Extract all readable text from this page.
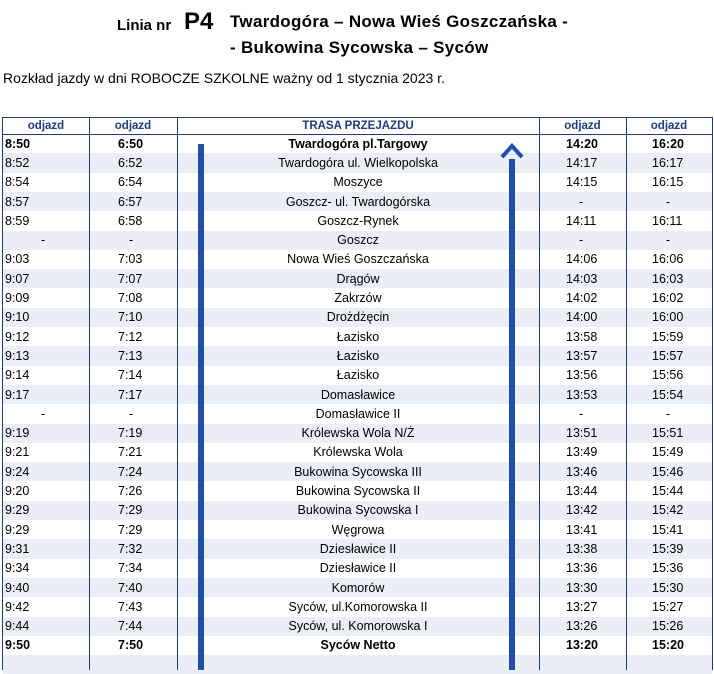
Linia nr P4 Twardogóra – Nowa Wieś Goszczańska -
- Bukowina Sycowska – Syców
Rozkład jazdy w dni ROBOCZE SZKOLNE ważny od 1 stycznia 2023 r.
odjazd	odjazd	TRASA PRZEJAZDU	odjazd	odjazd
8:50	6:50	Twardogóra pl.Targowy	14:20	16:20
8:52	6:52	Twardogóra ul. Wielkopolska	14:17	16:17
8:54	6:54	Moszyce	14:15	16:15
8:57	6:57	Goszcz- ul. Twardogórska	-	-
8:59	6:58	Goszcz-Rynek	14:11	16:11
-	-	Goszcz	-	-
9:03	7:03	Nowa Wieś Goszczańska	14:06	16:06
9:07	7:07	Drągów	14:03	16:03
9:09	7:08	Zakrzów	14:02	16:02
9:10	7:10	Drożdżęcin	14:00	16:00
9:12	7:12	Łazisko	13:58	15:59
9:13	7:13	Łazisko	13:57	15:57
9:14	7:14	Łazisko	13:56	15:56
9:17	7:17	Domasławice	13:53	15:54
-	-	Domasławice II	-	-
9:19	7:19	Królewska Wola N/Ż	13:51	15:51
9:21	7:21	Królewska Wola	13:49	15:49
9:24	7:24	Bukowina Sycowska III	13:46	15:46
9:20	7:26	Bukowina Sycowska II	13:44	15:44
9:29	7:29	Bukowina Sycowska I	13:42	15:42
9:29	7:29	Węgrowa	13:41	15:41
9:31	7:32	Dziesławice II	13:38	15:39
9:34	7:34	Dziesławice II	13:36	15:36
9:40	7:40	Komorów	13:30	15:30
9:42	7:43	Syców, ul.Komorowska II	13:27	15:27
9:44	7:44	Syców, ul. Komorowska I	13:26	15:26
9:50	7:50	Syców Netto	13:20	15:20
